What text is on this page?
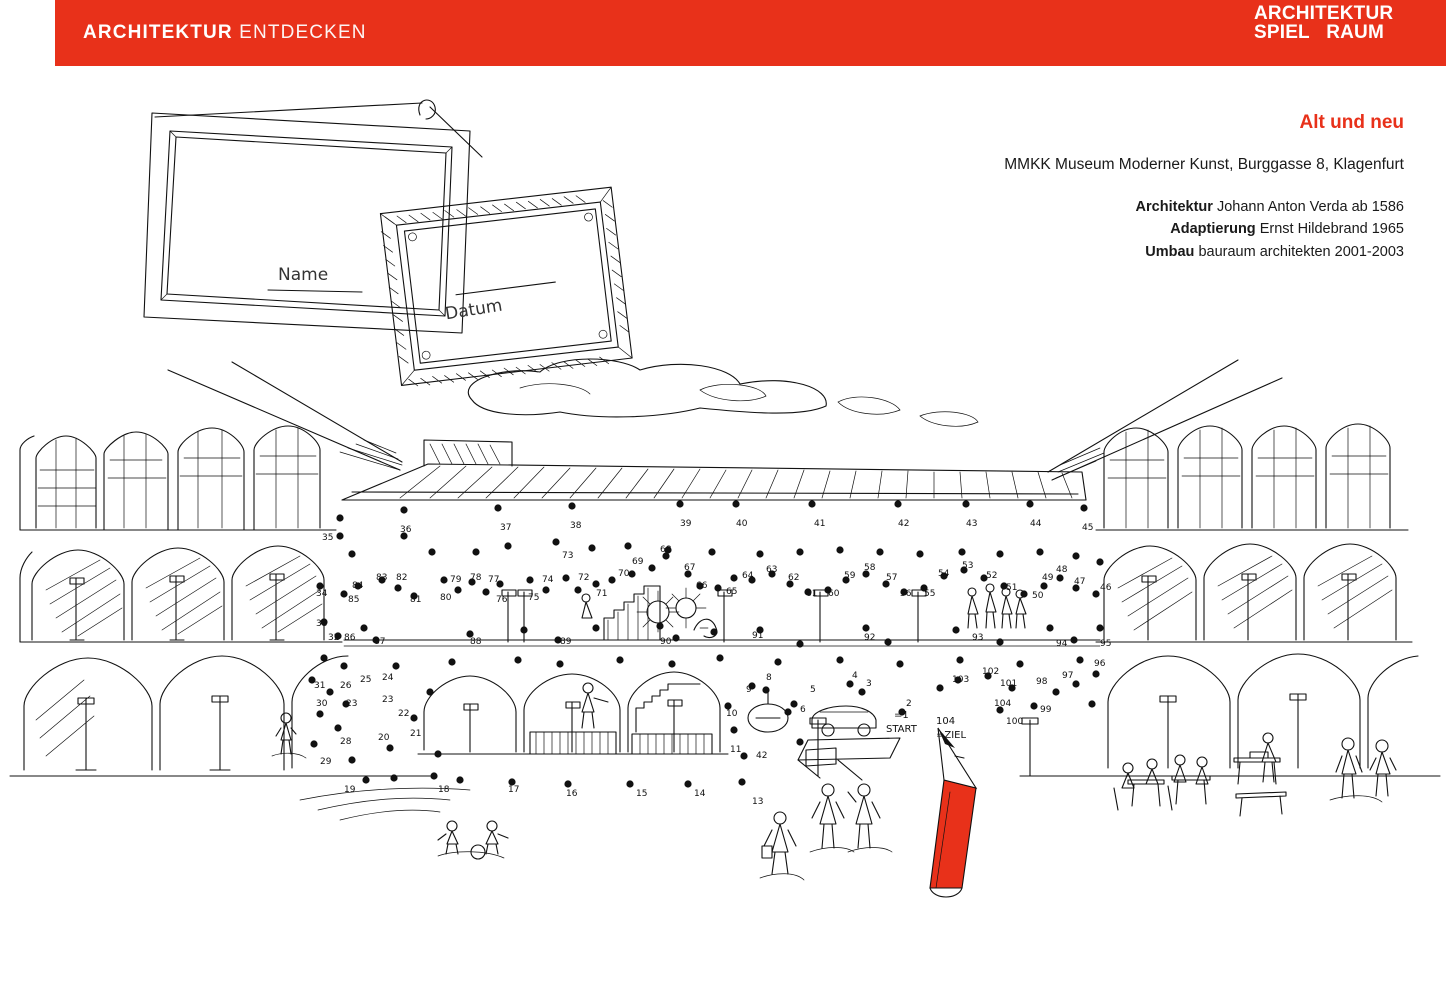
ARCHITEKTUR ENTDECKEN
ARCHITEKTUR
SPIEL RAUM
Alt und neu
MMKK Museum Moderner Kunst, Burggasse 8, Klagenfurt
Architektur Johann Anton Verda ab 1586
Adaptierung Ernst Hildebrand 1965
Umbau bauraum architekten 2001-2003
Name
Datum
35
36	37	38	39	40	41	42	43	44	45
34
85
84
83 82
81 80
79 78
76
77
75
74
73
72
71
70
69
68
67
66
65
64
63
62
61 60
59
58
57
56 55
54
53
52
51
50
49
48
47
46
33
32 86 87	88	89	90
91	92	93
94	95
26
25 24
31
30 23	23
22
21
20
28
29
19	18	17	16	15	14
13
42
11
10
9
8
6
5
4
3
2
103
102
104
101
99
100
98
97
96
=1
START
104
=ZIEL
